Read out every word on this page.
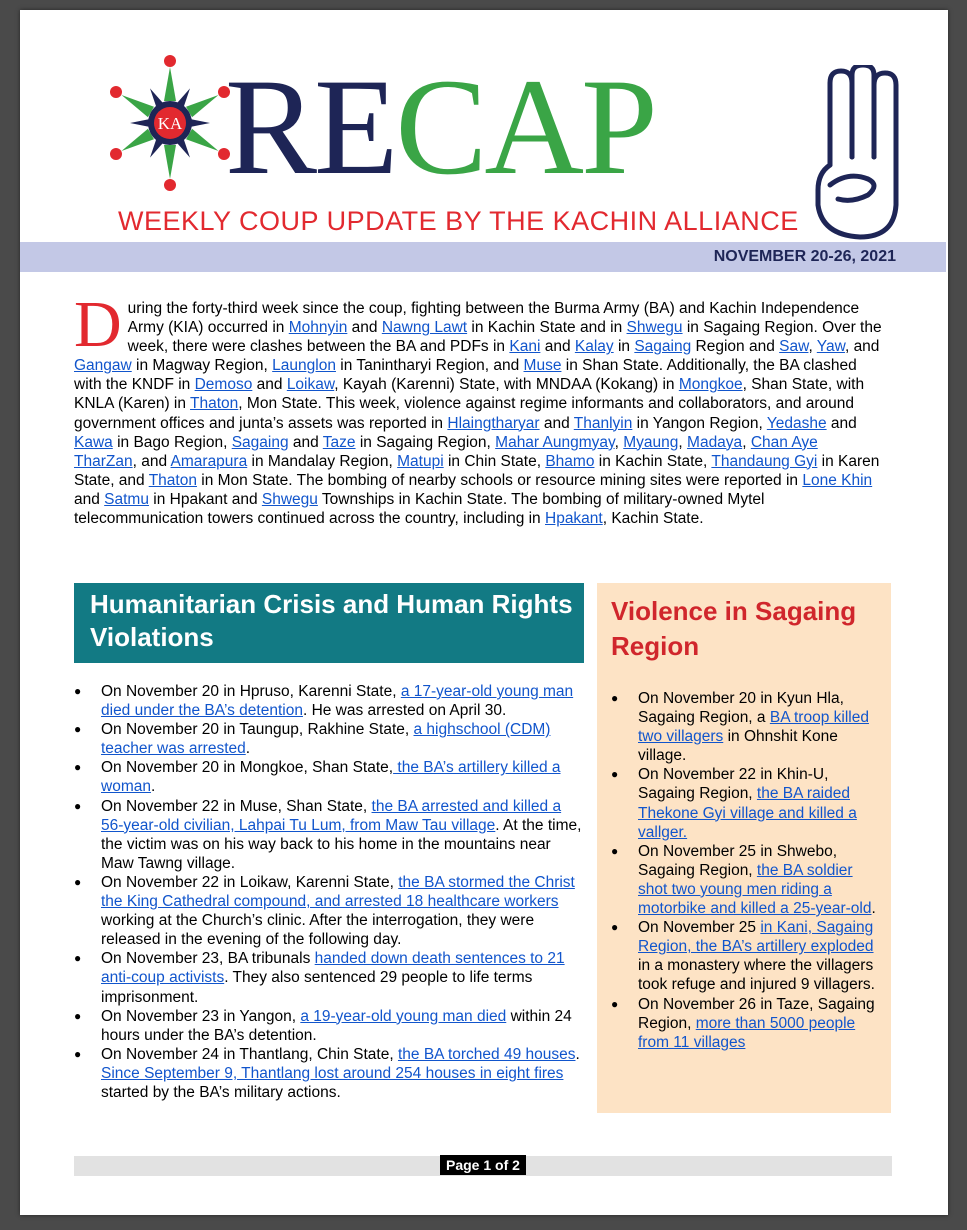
KA RECAP
WEEKLY COUP UPDATE BY THE KACHIN ALLIANCE
NOVEMBER 20-26, 2021
During the forty-third week since the coup, fighting between the Burma Army (BA) and Kachin Independence Army (KIA) occurred in Mohnyin and Nawng Lawt in Kachin State and in Shwegu in Sagaing Region. Over the week, there were clashes between the BA and PDFs in Kani and Kalay in Sagaing Region and Saw, Yaw, and Gangaw in Magway Region, Launglon in Tanintharyi Region, and Muse in Shan State. Additionally, the BA clashed with the KNDF in Demoso and Loikaw, Kayah (Karenni) State, with MNDAA (Kokang) in Mongkoe, Shan State, with KNLA (Karen) in Thaton, Mon State. This week, violence against regime informants and collaborators, and around government offices and junta’s assets was reported in Hlaingtharyar and Thanlyin in Yangon Region, Yedashe and Kawa in Bago Region, Sagaing and Taze in Sagaing Region, Mahar Aungmyay, Myaung, Madaya, Chan Aye TharZan, and Amarapura in Mandalay Region, Matupi in Chin State, Bhamo in Kachin State, Thandaung Gyi in Karen State, and Thaton in Mon State. The bombing of nearby schools or resource mining sites were reported in Lone Khin and Satmu in Hpakant and Shwegu Townships in Kachin State. The bombing of military-owned Mytel telecommunication towers continued across the country, including in Hpakant, Kachin State.
Humanitarian Crisis and Human Rights Violations
● On November 20 in Hpruso, Karenni State, a 17-year-old young man died under the BA’s detention. He was arrested on April 30.
● On November 20 in Taungup, Rakhine State, a highschool (CDM) teacher was arrested.
● On November 20 in Mongkoe, Shan State, the BA’s artillery killed a woman.
● On November 22 in Muse, Shan State, the BA arrested and killed a 56-year-old civilian, Lahpai Tu Lum, from Maw Tau village. At the time, the victim was on his way back to his home in the mountains near Maw Tawng village.
● On November 22 in Loikaw, Karenni State, the BA stormed the Christ the King Cathedral compound, and arrested 18 healthcare workers working at the Church’s clinic. After the interrogation, they were released in the evening of the following day.
● On November 23, BA tribunals handed down death sentences to 21 anti-coup activists. They also sentenced 29 people to life terms imprisonment.
● On November 23 in Yangon, a 19-year-old young man died within 24 hours under the BA’s detention.
● On November 24 in Thantlang, Chin State, the BA torched 49 houses. Since September 9, Thantlang lost around 254 houses in eight fires started by the BA’s military actions.
Violence in Sagaing Region
● On November 20 in Kyun Hla, Sagaing Region, a BA troop killed two villagers in Ohnshit Kone village.
● On November 22 in Khin-U, Sagaing Region, the BA raided Thekone Gyi village and killed a vallger.
● On November 25 in Shwebo, Sagaing Region, the BA soldier shot two young men riding a motorbike and killed a 25-year-old.
● On November 25 in Kani, Sagaing Region, the BA’s artillery exploded in a monastery where the villagers took refuge and injured 9 villagers.
● On November 26 in Taze, Sagaing Region, more than 5000 people from 11 villages
Page 1 of 2
